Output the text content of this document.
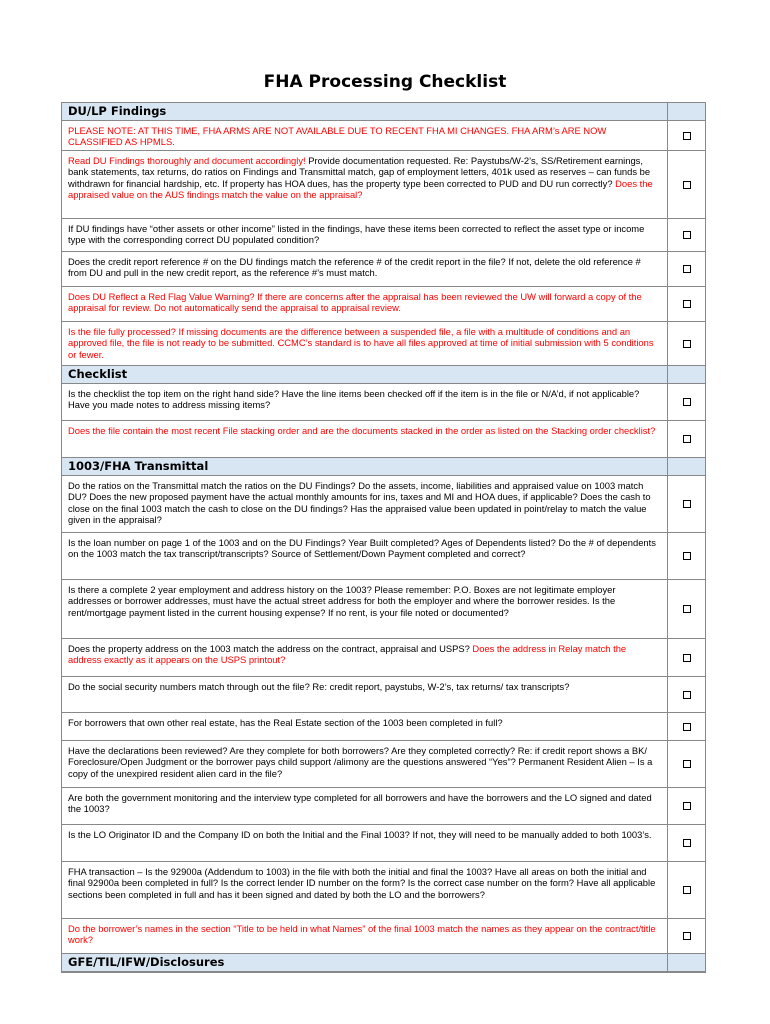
FHA Processing Checklist
DU/LP Findings
PLEASE NOTE: AT THIS TIME, FHA ARMS ARE NOT AVAILABLE DUE TO RECENT FHA MI CHANGES. FHA ARM’s ARE NOW CLASSIFIED AS HPMLS.
Read DU Findings thoroughly and document accordingly! Provide documentation requested. Re: Paystubs/W-2’s, SS/Retirement earnings, bank statements, tax returns, do ratios on Findings and Transmittal match, gap of employment letters, 401k used as reserves – can funds be withdrawn for financial hardship, etc. If property has HOA dues, has the property type been corrected to PUD and DU run correctly? Does the appraised value on the AUS findings match the value on the appraisal?
If DU findings have “other assets or other income” listed in the findings, have these items been corrected to reflect the asset type or income type with the corresponding correct DU populated condition?
Does the credit report reference # on the DU findings match the reference # of the credit report in the file? If not, delete the old reference # from DU and pull in the new credit report, as the reference #’s must match.
Does DU Reflect a Red Flag Value Warning? If there are concerns after the appraisal has been reviewed the UW will forward a copy of the appraisal for review. Do not automatically send the appraisal to appraisal review.
Is the file fully processed? If missing documents are the difference between a suspended file, a file with a multitude of conditions and an approved file, the file is not ready to be submitted. CCMC’s standard is to have all files approved at time of initial submission with 5 conditions or fewer.
Checklist
Is the checklist the top item on the right hand side? Have the line items been checked off if the item is in the file or N/A’d, if not applicable? Have you made notes to address missing items?
Does the file contain the most recent File stacking order and are the documents stacked in the order as listed on the Stacking order checklist?
1003/FHA Transmittal
Do the ratios on the Transmittal match the ratios on the DU Findings? Do the assets, income, liabilities and appraised value on 1003 match DU? Does the new proposed payment have the actual monthly amounts for ins, taxes and MI and HOA dues, if applicable? Does the cash to close on the final 1003 match the cash to close on the DU findings? Has the appraised value been updated in point/relay to match the value given in the appraisal?
Is the loan number on page 1 of the 1003 and on the DU Findings? Year Built completed? Ages of Dependents listed? Do the # of dependents on the 1003 match the tax transcript/transcripts? Source of Settlement/Down Payment completed and correct?
Is there a complete 2 year employment and address history on the 1003? Please remember: P.O. Boxes are not legitimate employer addresses or borrower addresses, must have the actual street address for both the employer and where the borrower resides. Is the rent/mortgage payment listed in the current housing expense? If no rent, is your file noted or documented?
Does the property address on the 1003 match the address on the contract, appraisal and USPS? Does the address in Relay match the address exactly as it appears on the USPS printout?
Do the social security numbers match through out the file? Re: credit report, paystubs, W-2’s, tax returns/ tax transcripts?
For borrowers that own other real estate, has the Real Estate section of the 1003 been completed in full?
Have the declarations been reviewed? Are they complete for both borrowers? Are they completed correctly? Re: if credit report shows a BK/ Foreclosure/Open Judgment or the borrower pays child support /alimony are the questions answered “Yes”? Permanent Resident Alien – Is a copy of the unexpired resident alien card in the file?
Are both the government monitoring and the interview type completed for all borrowers and have the borrowers and the LO signed and dated the 1003?
Is the LO Originator ID and the Company ID on both the Initial and the Final 1003? If not, they will need to be manually added to both 1003’s.
FHA transaction – Is the 92900a (Addendum to 1003) in the file with both the initial and final the 1003? Have all areas on both the initial and final 92900a been completed in full? Is the correct lender ID number on the form? Is the correct case number on the form? Have all applicable sections been completed in full and has it been signed and dated by both the LO and the borrowers?
Do the borrower’s names in the section “Title to be held in what Names” of the final 1003 match the names as they appear on the contract/title work?
GFE/TIL/IFW/Disclosures
